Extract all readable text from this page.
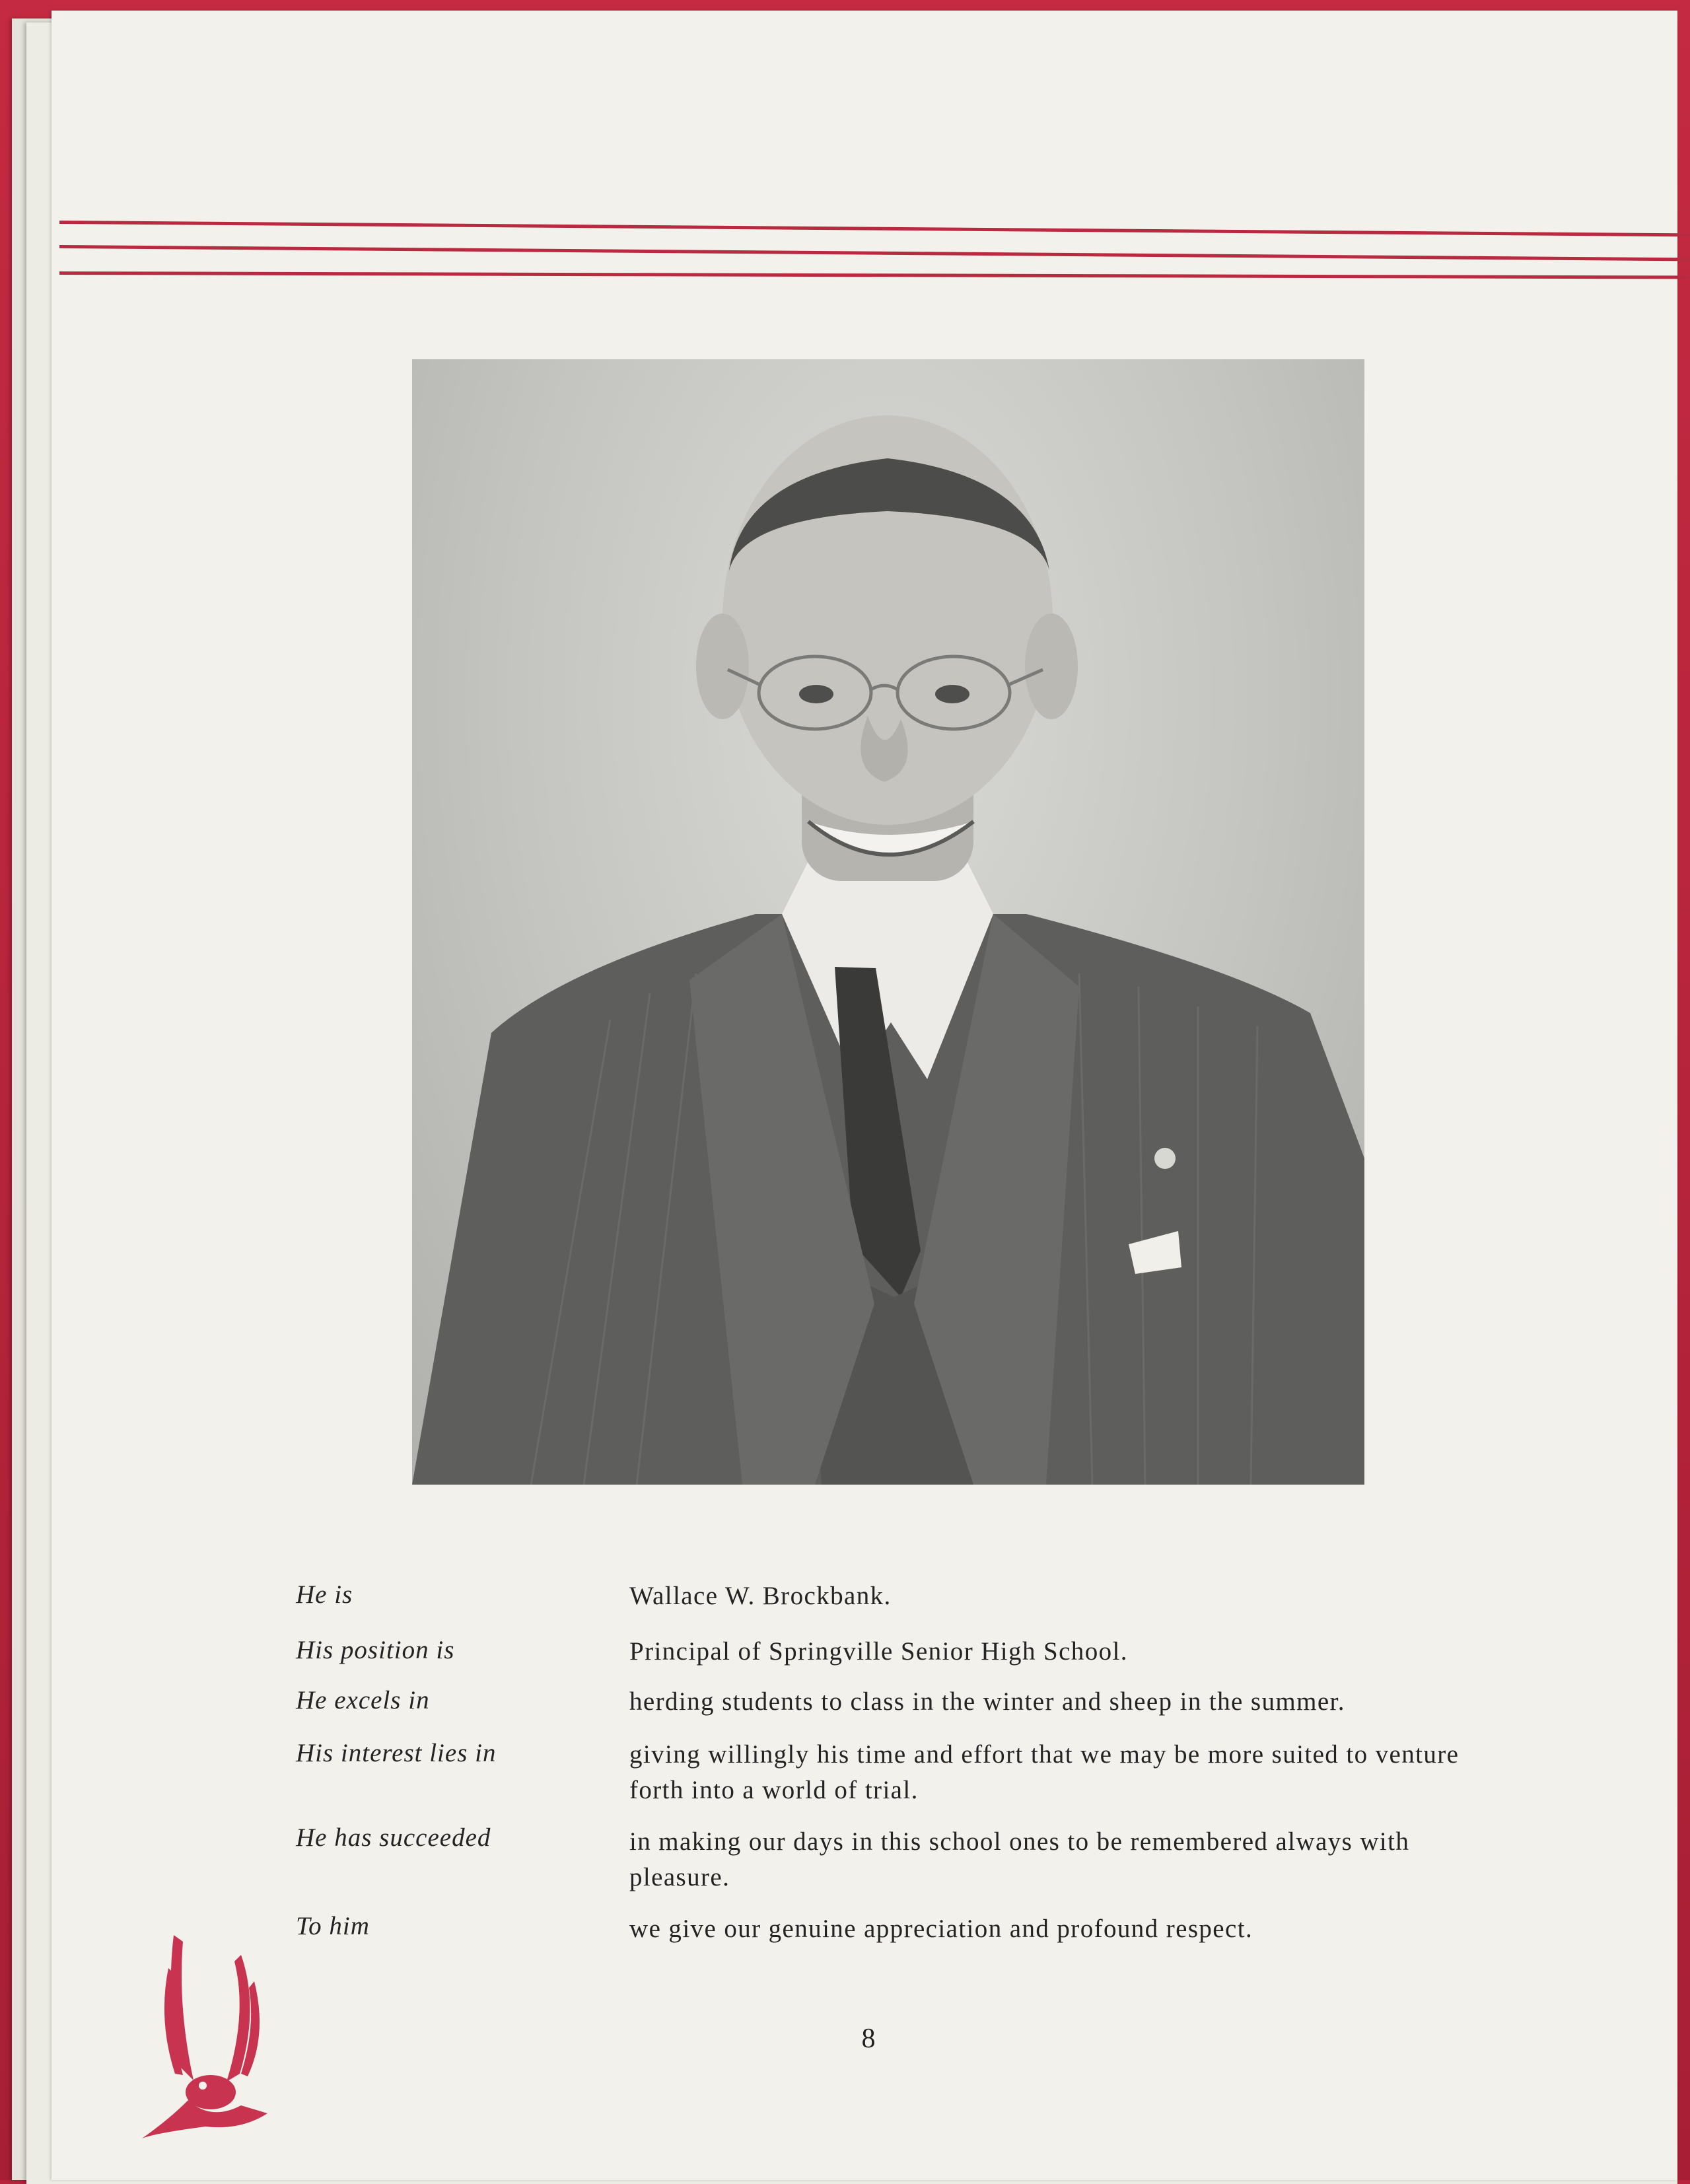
He is	Wallace W. Brockbank.
His position is	Principal of Springville Senior High School.
He excels in	herding students to class in the winter and sheep in the summer.
His interest lies in	giving willingly his time and effort that we may be more suited to venture forth into a world of trial.
He has succeeded	in making our days in this school ones to be remembered always with pleasure.
To him	we give our genuine appreciation and profound respect.
8
